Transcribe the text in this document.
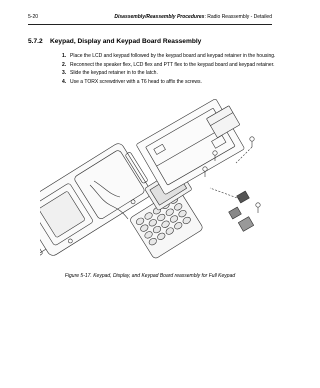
5-20	Disassembly/Reassembly Procedures: Radio Reassembly - Detailed
5.7.2 Keypad, Display and Keypad Board Reassembly
1. Place the LCD and keypad followed by the keypad board and keypad retainer in the housing.
2. Reconnect the speaker flex, LCD flex and PTT flex to the keypad board and keypad retainer.
3. Slide the keypad retainer in to the latch.
4. Use a TORX screwdriver with a T6 head to affix the screws.
Figure 5-17. Keypad, Display, and Keypad Board reassembly for Full Keypad
